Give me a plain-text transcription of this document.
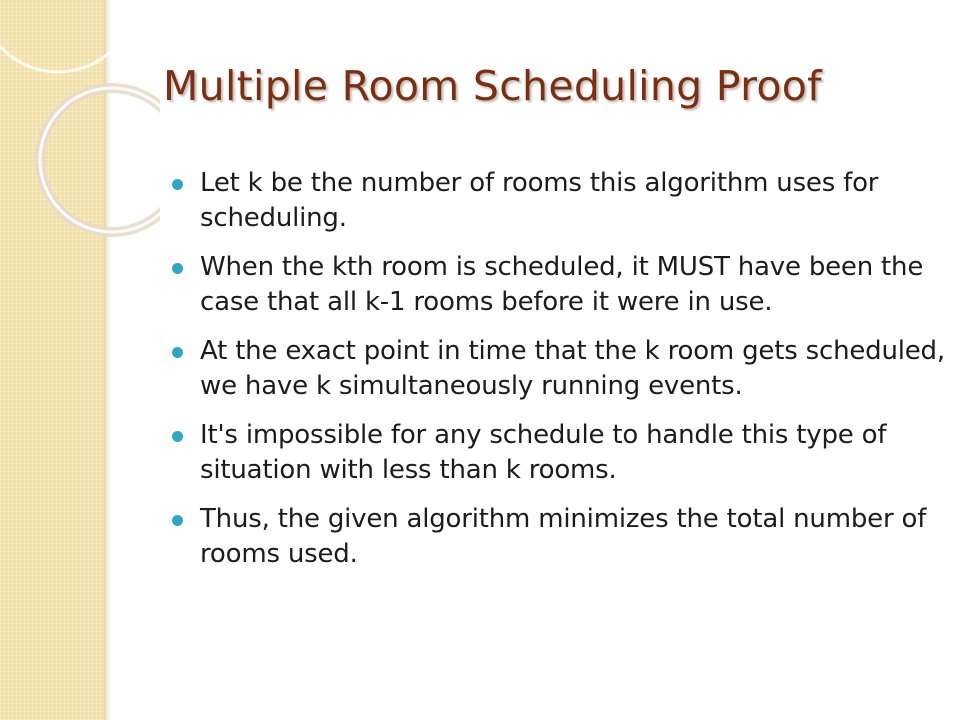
Multiple Room Scheduling Proof
Let k be the number of rooms this algorithm uses for scheduling.
When the kth room is scheduled, it MUST have been the case that all k-1 rooms before it were in use.
At the exact point in time that the k room gets scheduled, we have k simultaneously running events.
It's impossible for any schedule to handle this type of situation with less than k rooms.
Thus, the given algorithm minimizes the total number of rooms used.
